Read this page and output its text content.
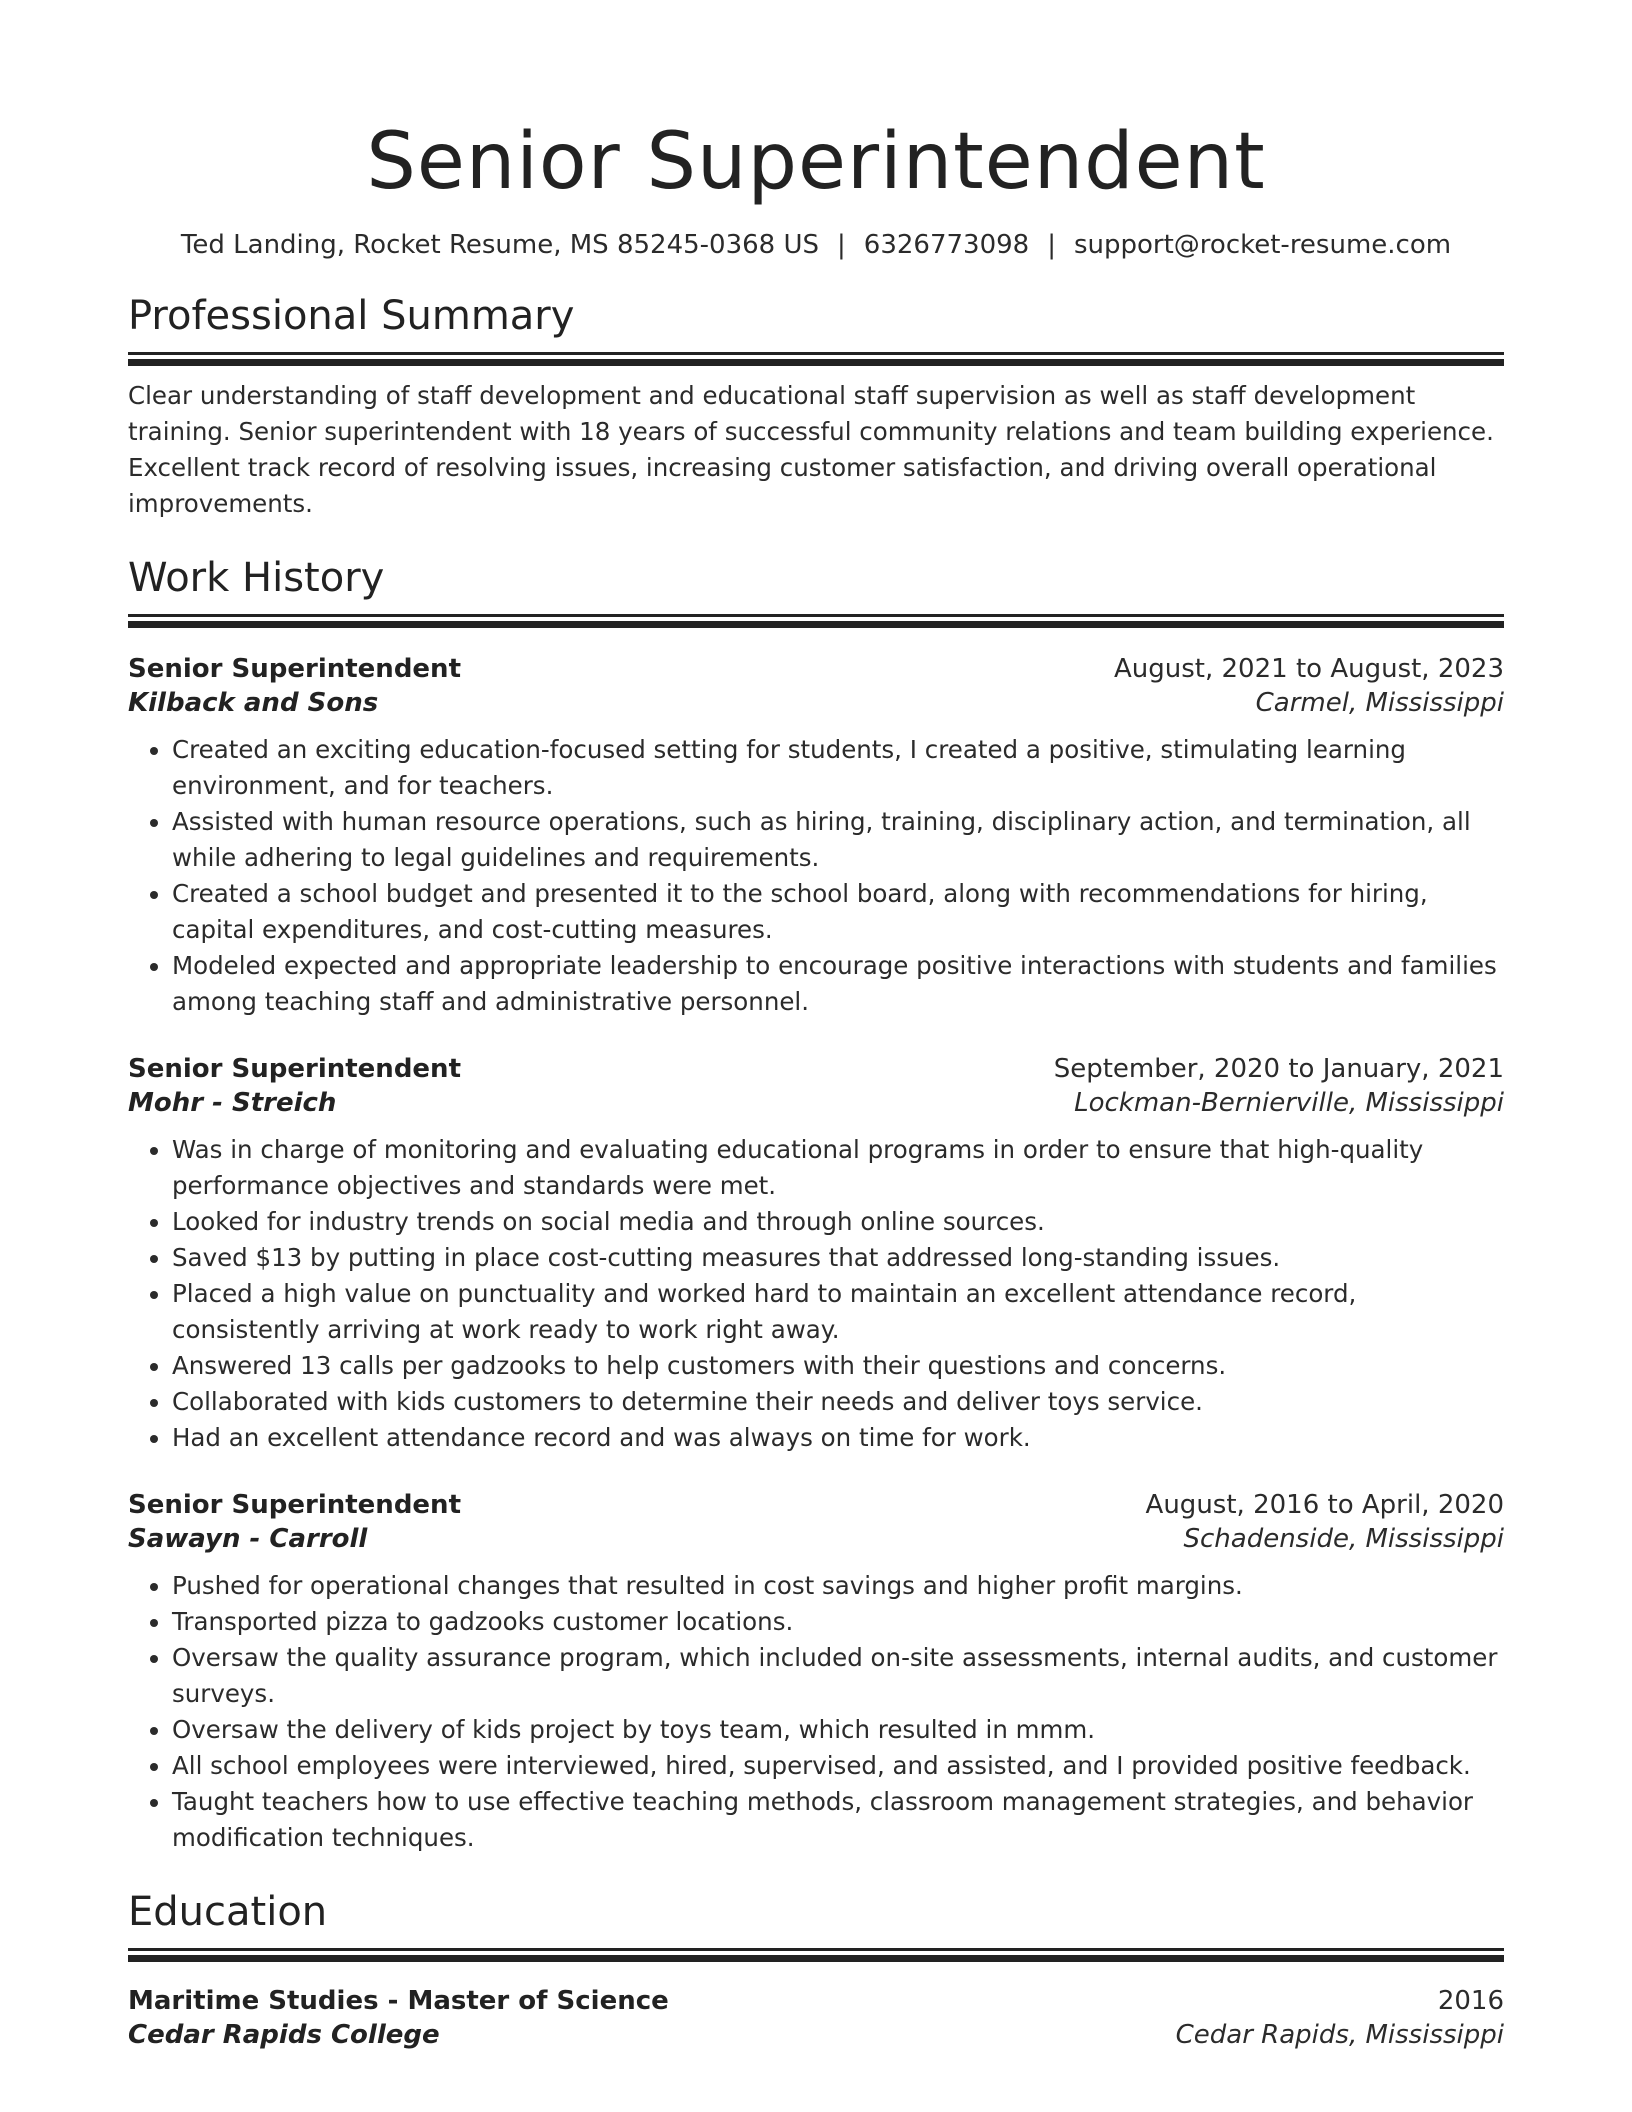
Senior Superintendent
Ted Landing, Rocket Resume, MS 85245-0368 US | 6326773098 | support@rocket-resume.com
Professional Summary

Clear understanding of staff development and educational staff supervision as well as staff development training. Senior superintendent with 18 years of successful community relations and team building experience. Excellent track record of resolving issues, increasing customer satisfaction, and driving overall operational improvements.

Work History
Senior Superintendent	August, 2021 to August, 2023
Kilback and Sons	Carmel, Mississippi
• Created an exciting education-focused setting for students, I created a positive, stimulating learning environment, and for teachers.
• Assisted with human resource operations, such as hiring, training, disciplinary action, and termination, all while adhering to legal guidelines and requirements.
• Created a school budget and presented it to the school board, along with recommendations for hiring, capital expenditures, and cost-cutting measures.
• Modeled expected and appropriate leadership to encourage positive interactions with students and families among teaching staff and administrative personnel.
Senior Superintendent	September, 2020 to January, 2021
Mohr - Streich	Lockman-Bernierville, Mississippi
• Was in charge of monitoring and evaluating educational programs in order to ensure that high-quality performance objectives and standards were met.
• Looked for industry trends on social media and through online sources.
• Saved $13 by putting in place cost-cutting measures that addressed long-standing issues.
• Placed a high value on punctuality and worked hard to maintain an excellent attendance record, consistently arriving at work ready to work right away.
• Answered 13 calls per gadzooks to help customers with their questions and concerns.
• Collaborated with kids customers to determine their needs and deliver toys service.
• Had an excellent attendance record and was always on time for work.
Senior Superintendent	August, 2016 to April, 2020
Sawayn - Carroll	Schadenside, Mississippi
• Pushed for operational changes that resulted in cost savings and higher profit margins.
• Transported pizza to gadzooks customer locations.
• Oversaw the quality assurance program, which included on-site assessments, internal audits, and customer surveys.
• Oversaw the delivery of kids project by toys team, which resulted in mmm.
• All school employees were interviewed, hired, supervised, and assisted, and I provided positive feedback.
• Taught teachers how to use effective teaching methods, classroom management strategies, and behavior modification techniques.
Education
Maritime Studies - Master of Science	2016
Cedar Rapids College	Cedar Rapids, Mississippi
